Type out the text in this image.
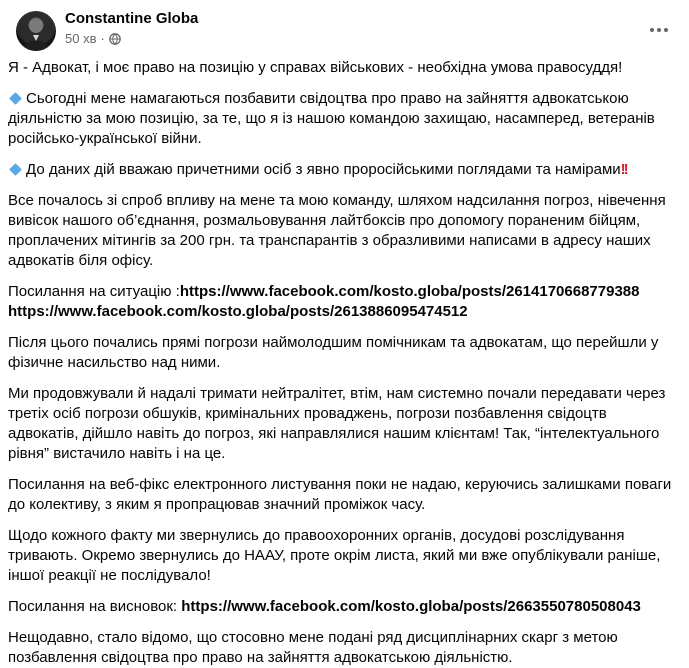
Constantine Globa
50 хв ·

Я - Адвокат, і моє право на позицію у справах військових - необхідна умова правосуддя!

Сьогодні мене намагаються позбавити свідоцтва про право на зайняття адвокатською діяльністю за мою позицію, за те, що я із нашою командою захищаю, насамперед, ветеранів російсько-української війни.

До даних дій вважаю причетними осіб з явно проросійськими поглядами та намірами!!

Все почалось зі спроб впливу на мене та мою команду, шляхом надсилання погроз, нівечення вивісок нашого об’єднання, розмальовування лайтбоксів про допомогу пораненим бійцям, проплачених мітингів за 200 грн. та транспарантів з образливими написами в адресу наших адвокатів біля офісу.

Посилання на ситуацію :https://www.facebook.com/kosto.globa/posts/2614170668779388
https://www.facebook.com/kosto.globa/posts/2613886095474512

Після цього почались прямі погрози наймолодшим помічникам та адвокатам, що перейшли у фізичне насильство над ними.

Ми продовжували й надалі тримати нейтралітет, втім, нам системно почали передавати через третіх осіб погрози обшуків, кримінальних проваджень, погрози позбавлення свідоцтв адвокатів, дійшло навіть до погроз, які направлялися нашим клієнтам! Так, “інтелектуального рівня” вистачило навіть і на це.

Посилання на веб-фікс електронного листування поки не надаю, керуючись залишками поваги до колективу, з яким я пропрацював значний проміжок часу.

Щодо кожного факту ми звернулись до правоохоронних органів, досудові розслідування тривають. Окремо звернулись до НААУ, проте окрім листа, який ми вже опублікували раніше, іншої реакції не послідувало!

Посилання на висновок: https://www.facebook.com/kosto.globa/posts/2663550780508043

Нещодавно, стало відомо, що стосовно мене подані ряд дисциплінарних скарг з метою позбавлення свідоцтва про право на зайняття адвокатською діяльністю.
